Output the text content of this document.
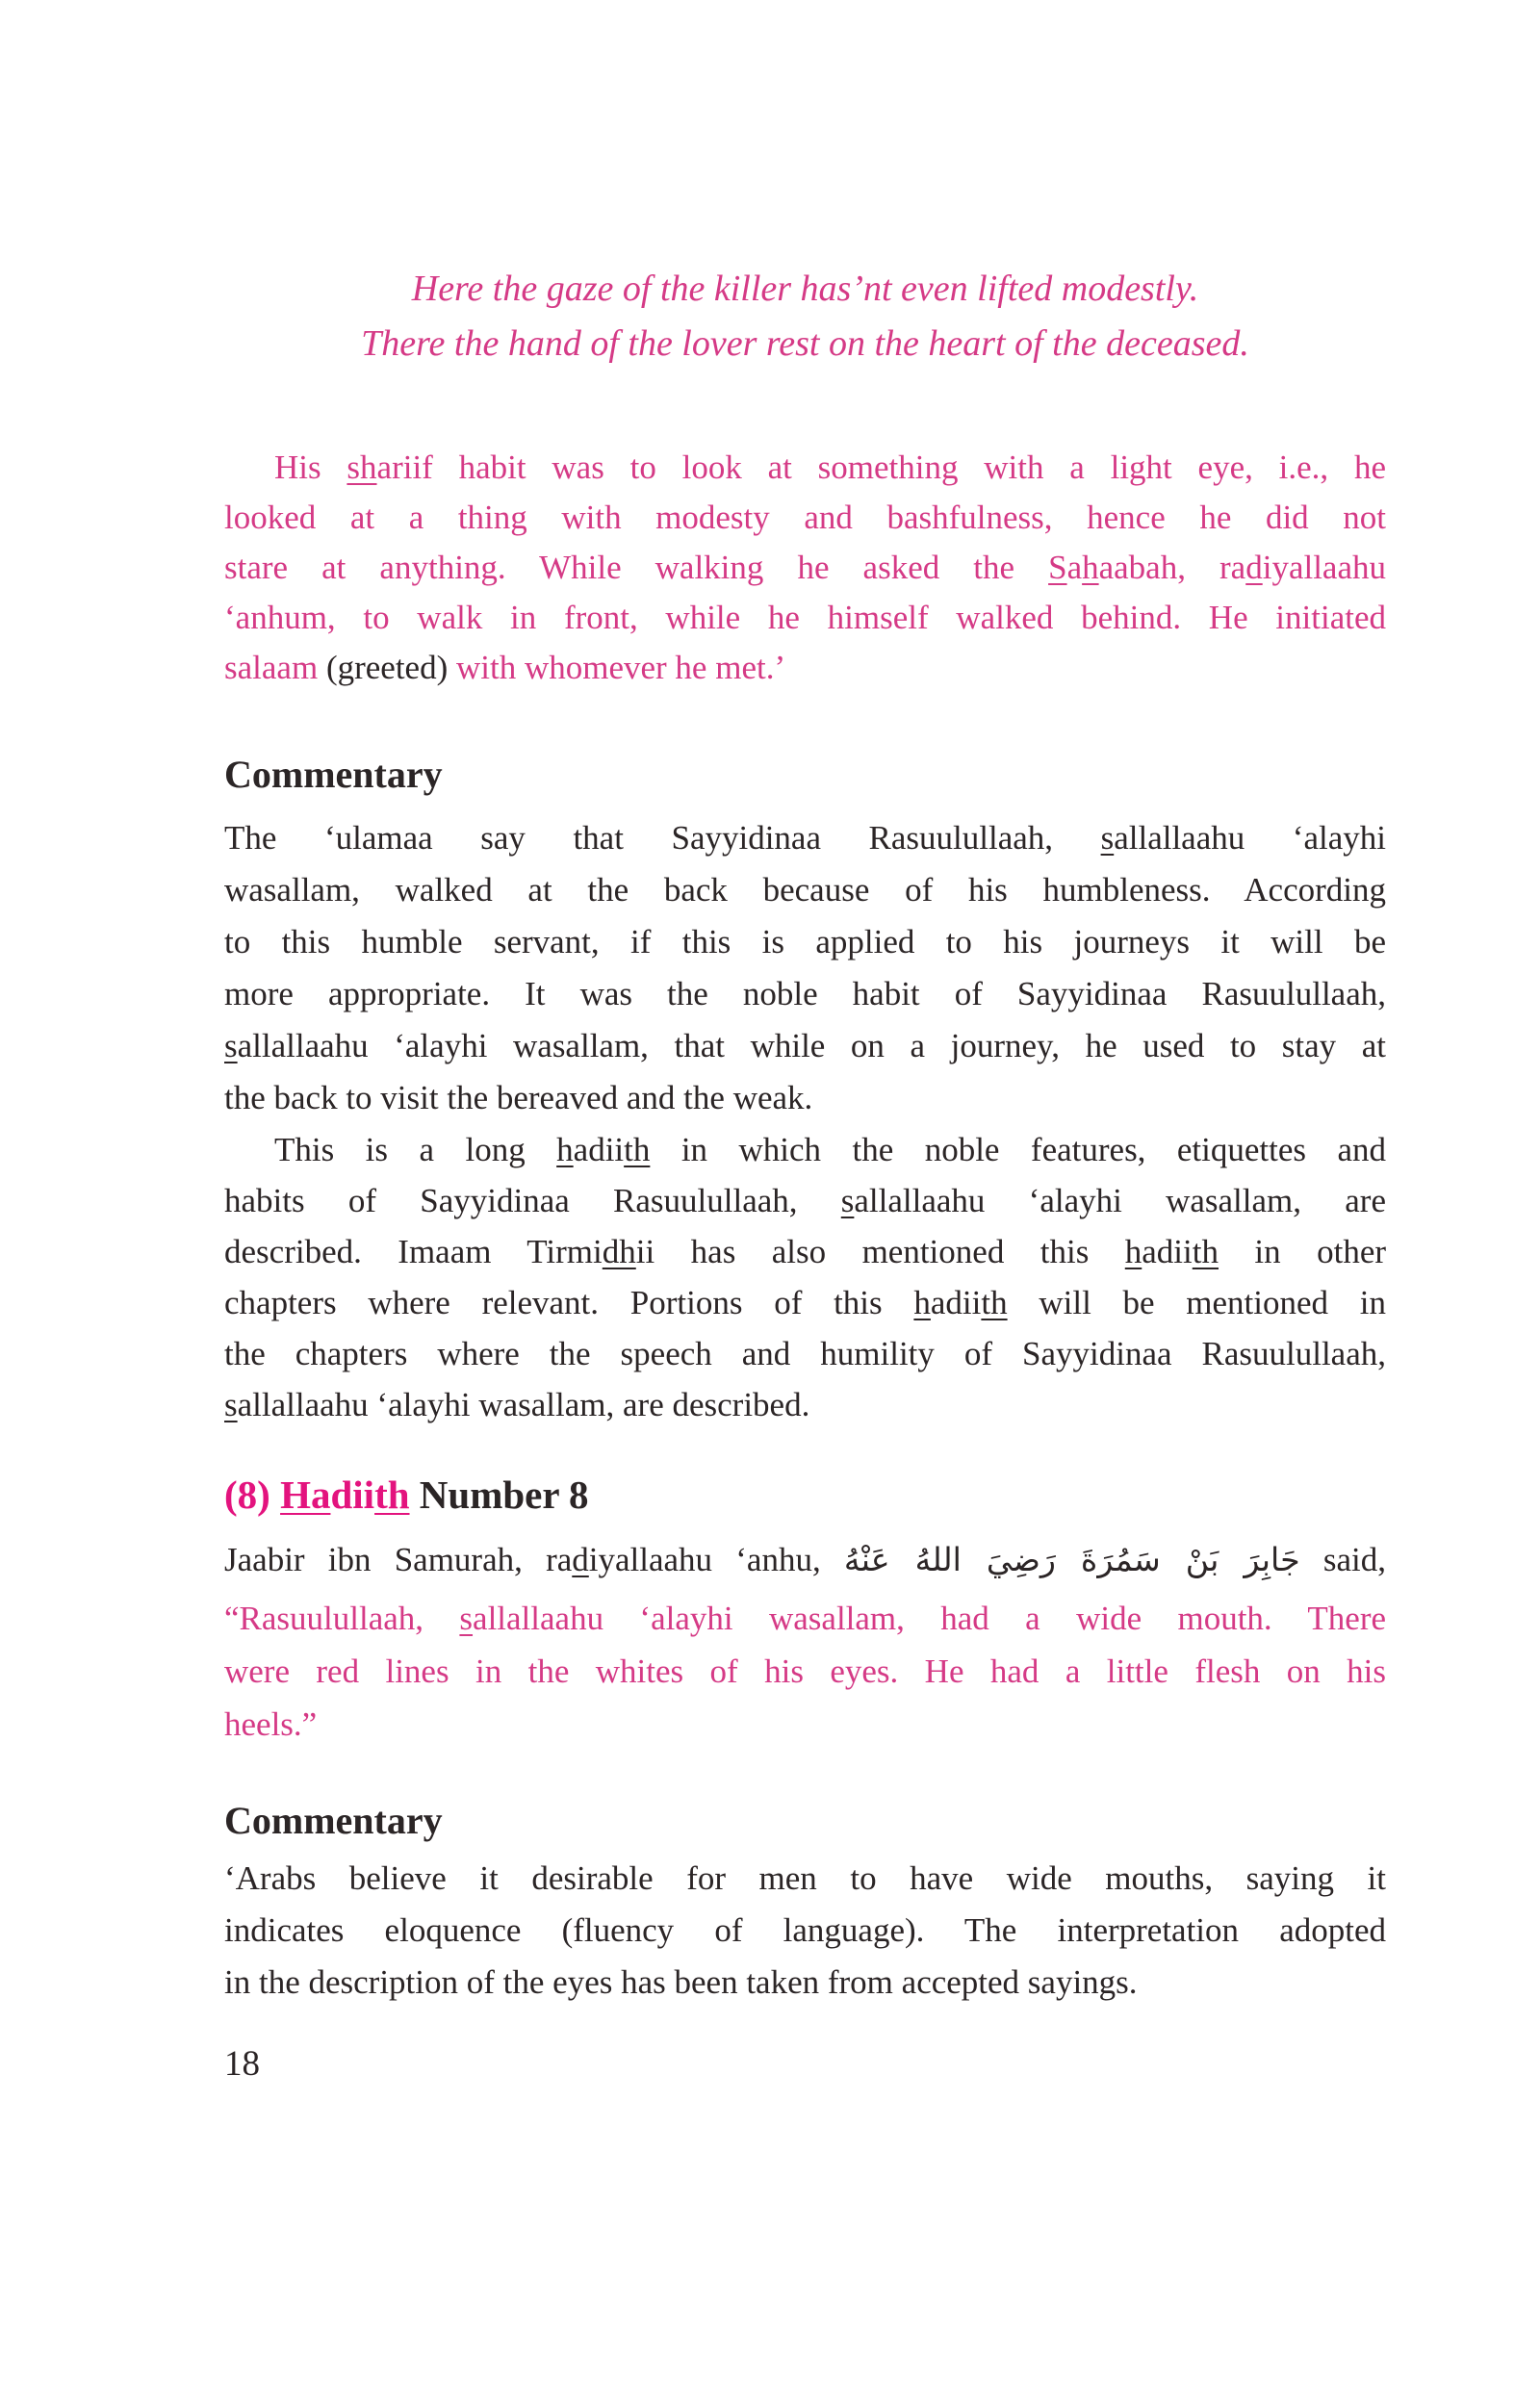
Here the gaze of the killer has’nt even lifted modestly.
There the hand of the lover rest on the heart of the deceased.
His shariif habit was to look at something with a light eye, i.e., he
looked at a thing with modesty and bashfulness, hence he did not
stare at anything. While walking he asked the Sahaabah, radiyallaahu
‘anhum, to walk in front, while he himself walked behind. He initiated
salaam (greeted) with whomever he met.’
Commentary
The ‘ulamaa say that Sayyidinaa Rasuulullaah, sallallaahu ‘alayhi
wasallam, walked at the back because of his humbleness. According
to this humble servant, if this is applied to his journeys it will be
more appropriate. It was the noble habit of Sayyidinaa Rasuulullaah,
sallallaahu ‘alayhi wasallam, that while on a journey, he used to stay at
the back to visit the bereaved and the weak.
This is a long hadiith in which the noble features, etiquettes and
habits of Sayyidinaa Rasuulullaah, sallallaahu ‘alayhi wasallam, are
described. Imaam Tirmidhii has also mentioned this hadiith in other
chapters where relevant. Portions of this hadiith will be mentioned in
the chapters where the speech and humility of Sayyidinaa Rasuulullaah,
sallallaahu ‘alayhi wasallam, are described.
(8) Hadiith Number 8
Jaabir ibn Samurah, radiyallaahu ‘anhu, جَابِرَ بَنْ سَمُرَةَ رَضِيَ اللهُ عَنْهُ said,
“Rasuulullaah, sallallaahu ‘alayhi wasallam, had a wide mouth. There
were red lines in the whites of his eyes. He had a little flesh on his
heels.”
Commentary
‘Arabs believe it desirable for men to have wide mouths, saying it
indicates eloquence (fluency of language). The interpretation adopted
in the description of the eyes has been taken from accepted sayings.
18
